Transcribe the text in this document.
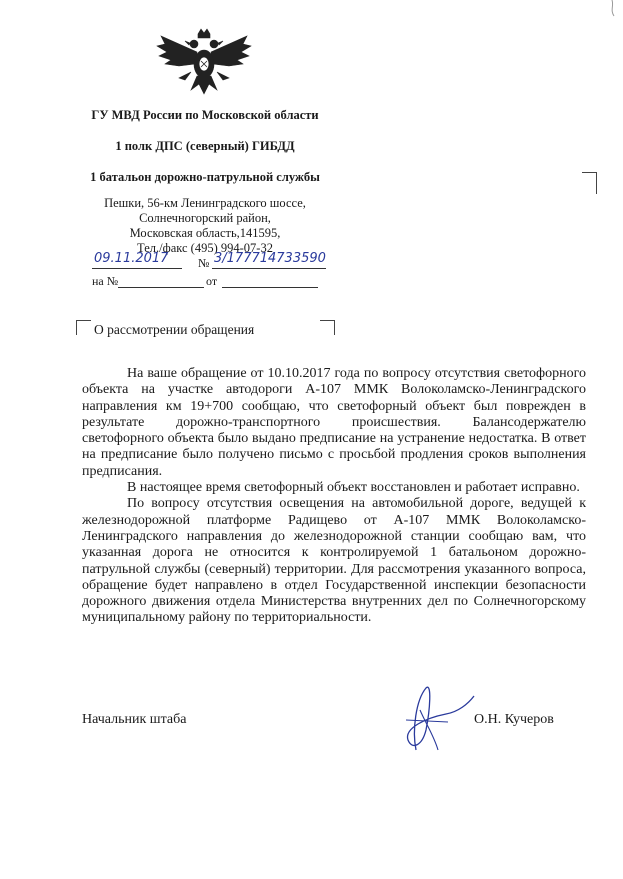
ГУ МВД России по Московской области
1 полк ДПС (северный) ГИБДД
1 батальон дорожно-патрульной службы
Пешки, 56-км Ленинградского шоссе,
Солнечногорский район,
Московская область,141595,
Тел./факс (495) 994-07-32
09.11.2017 № 3/177714733590
на №	от
О рассмотрении обращения

На ваше обращение от 10.10.2017 года по вопросу отсутствия светофорного объекта на участке автодороги А-107 ММК Волоколамско-Ленинградского направления км 19+700 сообщаю, что светофорный объект был поврежден в результате дорожно-транспортного происшествия. Балансодержателю светофорного объекта было выдано предписание на устранение недостатка. В ответ на предписание было получено письмо с просьбой продления сроков выполнения предписания.

В настоящее время светофорный объект восстановлен и работает исправно.

По вопросу отсутствия освещения на автомобильной дороге, ведущей к железнодорожной платформе Радищево от А-107 ММК Волоколамско-Ленинградского направления до железнодорожной станции сообщаю вам, что указанная дорога не относится к контролируемой 1 батальоном дорожно-патрульной службы (северный) территории. Для рассмотрения указанного вопроса, обращение будет направлено в отдел Государственной инспекции безопасности дорожного движения отдела Министерства внутренних дел по Солнечногорскому муниципальному району по территориальности.

Начальник штаба	О.Н. Кучеров
